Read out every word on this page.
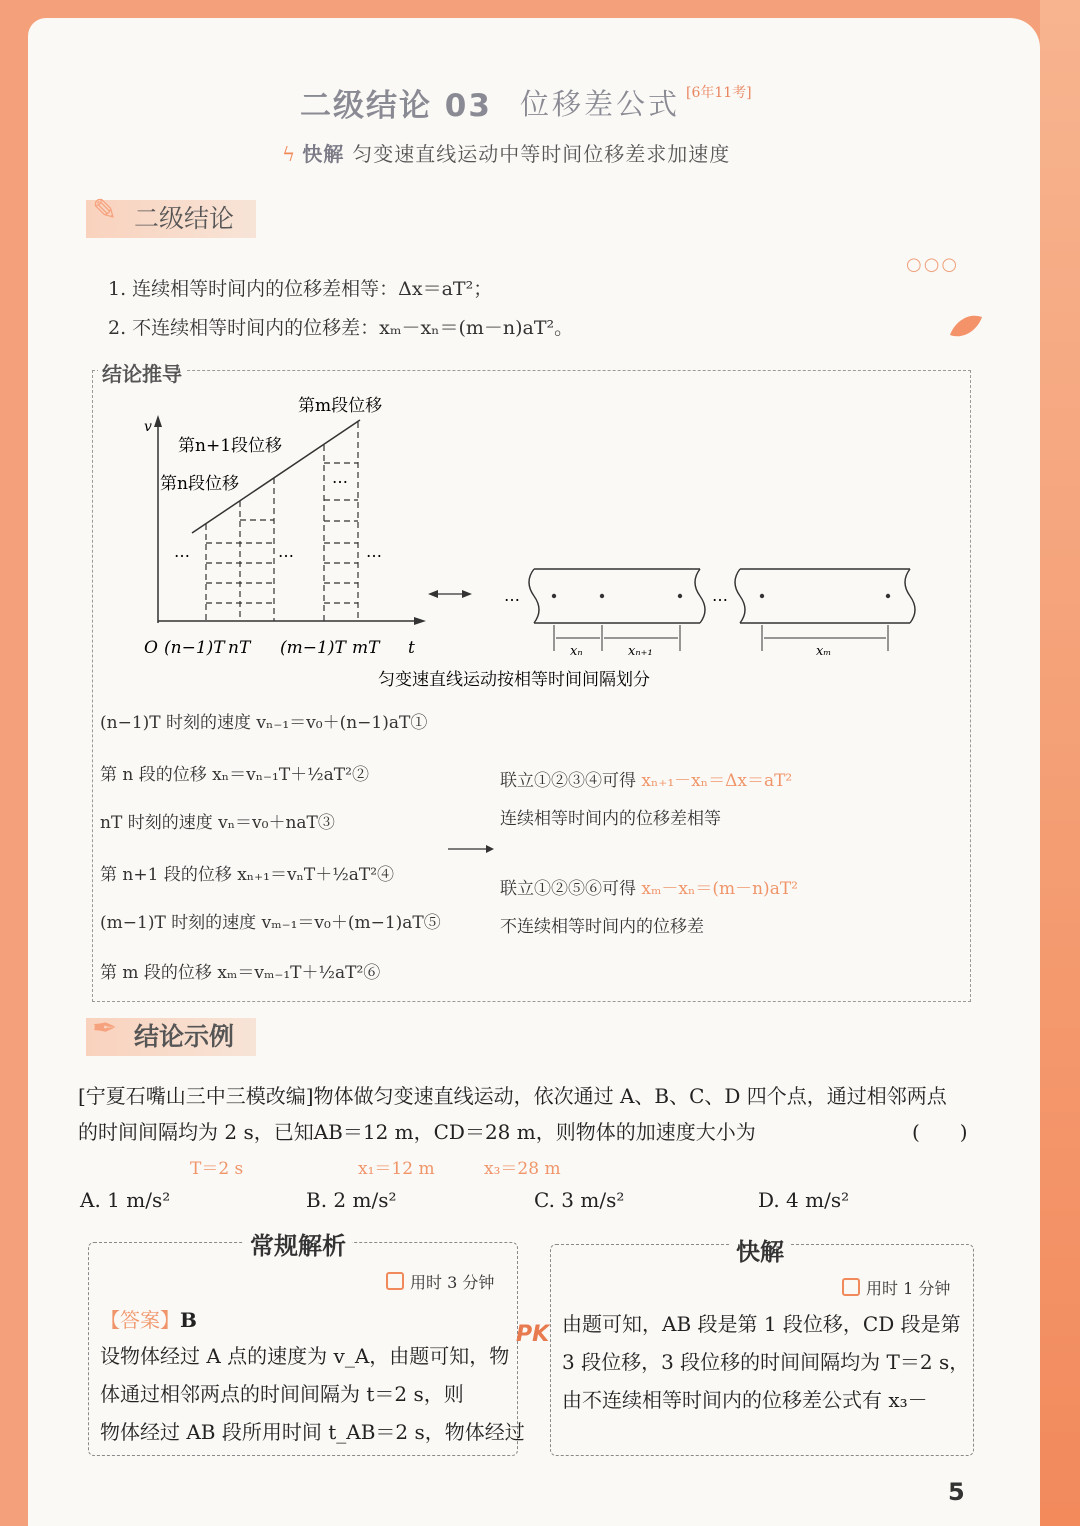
二级结论 03 位移差公式 [6年11考]
ϟ 快解 匀变速直线运动中等时间位移差求加速度
✎ 二级结论
○○○
1. 连续相等时间内的位移差相等：Δx＝aT²；
2. 不连续相等时间内的位移差：xₘ－xₙ＝(m－n)aT²。
结论推导
v
第m段位移
第n+1段位移
第n段位移
…	…
…
…
O (n−1)T nT (m−1)T mT t	xₙ	xₙ₊₁
…	…
xₘ
匀变速直线运动按相等时间间隔划分
(n−1)T 时刻的速度 vₙ₋₁＝v₀＋(n−1)aT①
第 n 段的位移 xₙ＝vₙ₋₁T＋½aT²②
nT 时刻的速度 vₙ＝v₀＋naT③
第 n+1 段的位移 xₙ₊₁＝vₙT＋½aT²④
(m−1)T 时刻的速度 vₘ₋₁＝v₀＋(m−1)aT⑤
第 m 段的位移 xₘ＝vₘ₋₁T＋½aT²⑥
联立①②③④可得 xₙ₊₁－xₙ＝Δx＝aT²
连续相等时间内的位移差相等
联立①②⑤⑥可得 xₘ－xₙ＝(m－n)aT²
不连续相等时间内的位移差
✒ 结论示例
[宁夏石嘴山三中三模改编]物体做匀变速直线运动，依次通过 A、B、C、D 四个点，通过相邻两点
的时间间隔均为 2 s，已知AB＝12 m，CD＝28 m，则物体的加速度大小为	(　　)
T＝2 s	x₁＝12 m	x₃＝28 m
A. 1 m/s²	B. 2 m/s²	C. 3 m/s²	D. 4 m/s²
常规解析
用时 3 分钟
【答案】B
设物体经过 A 点的速度为 v_A，由题可知，物
体通过相邻两点的时间间隔为 t＝2 s，则
物体经过 AB 段所用时间 t_AB＝2 s，物体经过
PK
快解
用时 1 分钟
由题可知，AB 段是第 1 段位移，CD 段是第
3 段位移，3 段位移的时间间隔均为 T＝2 s，
由不连续相等时间内的位移差公式有 x₃－
5
